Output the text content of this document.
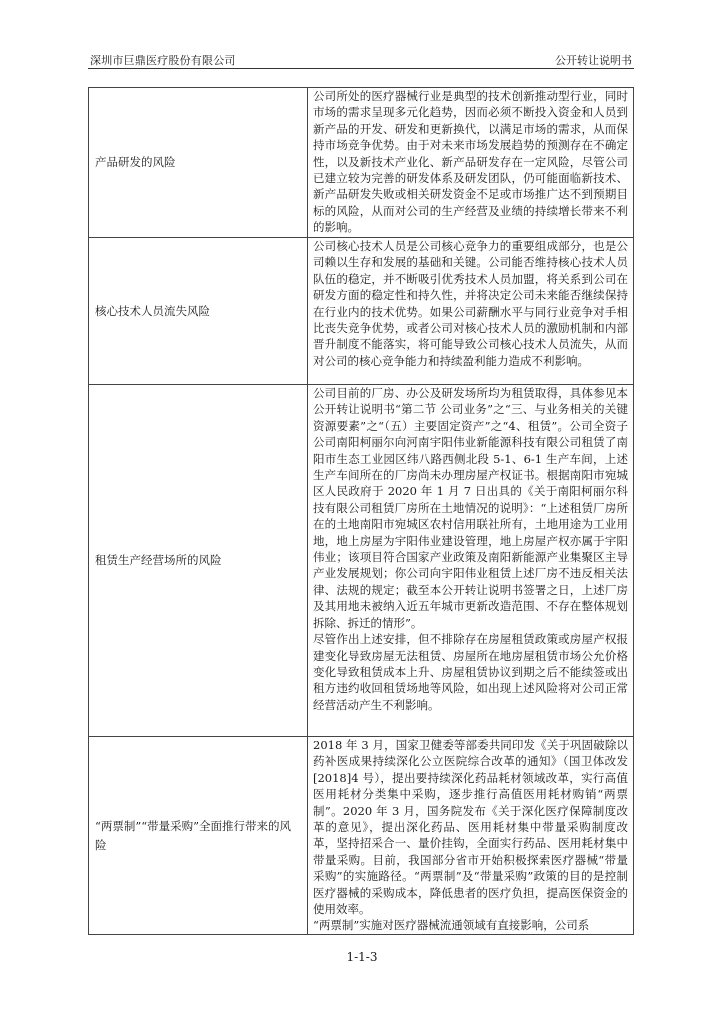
深圳市巨鼎医疗股份有限公司	公开转让说明书
产品研发的风险	公司所处的医疗器械行业是典型的技术创新推动型行业，同时市场的需求呈现多元化趋势，因而必须不断投入资金和人员到新产品的开发、研发和更新换代，以满足市场的需求，从而保持市场竞争优势。由于对未来市场发展趋势的预测存在不确定性，以及新技术产业化、新产品研发存在一定风险，尽管公司已建立较为完善的研发体系及研发团队，仍可能面临新技术、新产品研发失败或相关研发资金不足或市场推广达不到预期目标的风险，从而对公司的生产经营及业绩的持续增长带来不利的影响。

核心技术人员流失风险	公司核心技术人员是公司核心竞争力的重要组成部分，也是公司赖以生存和发展的基础和关键。公司能否维持核心技术人员队伍的稳定，并不断吸引优秀技术人员加盟，将关系到公司在研发方面的稳定性和持久性，并将决定公司未来能否继续保持在行业内的技术优势。如果公司薪酬水平与同行业竞争对手相比丧失竞争优势，或者公司对核心技术人员的激励机制和内部晋升制度不能落实，将可能导致公司核心技术人员流失，从而对公司的核心竞争能力和持续盈利能力造成不利影响。

租赁生产经营场所的风险	公司目前的厂房、办公及研发场所均为租赁取得，具体参见本公开转让说明书“第二节 公司业务”之“三、与业务相关的关键资源要素”之“（五）主要固定资产”之“4、租赁”。公司全资子公司南阳柯丽尔向河南宇阳伟业新能源科技有限公司租赁了南阳市生态工业园区纬八路西侧北段 5-1、6-1 生产车间，上述生产车间所在的厂房尚未办理房屋产权证书。根据南阳市宛城区人民政府于 2020 年 1 月 7 日出具的《关于南阳柯丽尔科技有限公司租赁厂房所在土地情况的说明》：“上述租赁厂房所在的土地南阳市宛城区农村信用联社所有，土地用途为工业用地，地上房屋为宇阳伟业建设管理，地上房屋产权亦属于宇阳伟业；该项目符合国家产业政策及南阳新能源产业集聚区主导产业发展规划；你公司向宇阳伟业租赁上述厂房不违反相关法律、法规的规定；截至本公开转让说明书签署之日，上述厂房及其用地未被纳入近五年城市更新改造范围、不存在整体规划拆除、拆迁的情形”。

尽管作出上述安排，但不排除存在房屋租赁政策或房屋产权报建变化导致房屋无法租赁、房屋所在地房屋租赁市场公允价格变化导致租赁成本上升、房屋租赁协议到期之后不能续签或出租方违约收回租赁场地等风险，如出现上述风险将对公司正常经营活动产生不利影响。

“两票制”“带量采购”全面推行带来的风险	2018 年 3 月，国家卫健委等部委共同印发《关于巩固破除以药补医成果持续深化公立医院综合改革的通知》（国卫体改发[2018]4 号），提出要持续深化药品耗材领域改革，实行高值医用耗材分类集中采购，逐步推行高值医用耗材购销“两票制”。2020 年 3 月，国务院发布《关于深化医疗保障制度改革的意见》，提出深化药品、医用耗材集中带量采购制度改革，坚持招采合一、量价挂钩，全面实行药品、医用耗材集中带量采购。目前，我国部分省市开始积极探索医疗器械“带量采购”的实施路径。“两票制”及“带量采购”政策的目的是控制医疗器械的采购成本，降低患者的医疗负担，提高医保资金的使用效率。

“两票制”实施对医疗器械流通领域有直接影响，公司系

1-1-3
